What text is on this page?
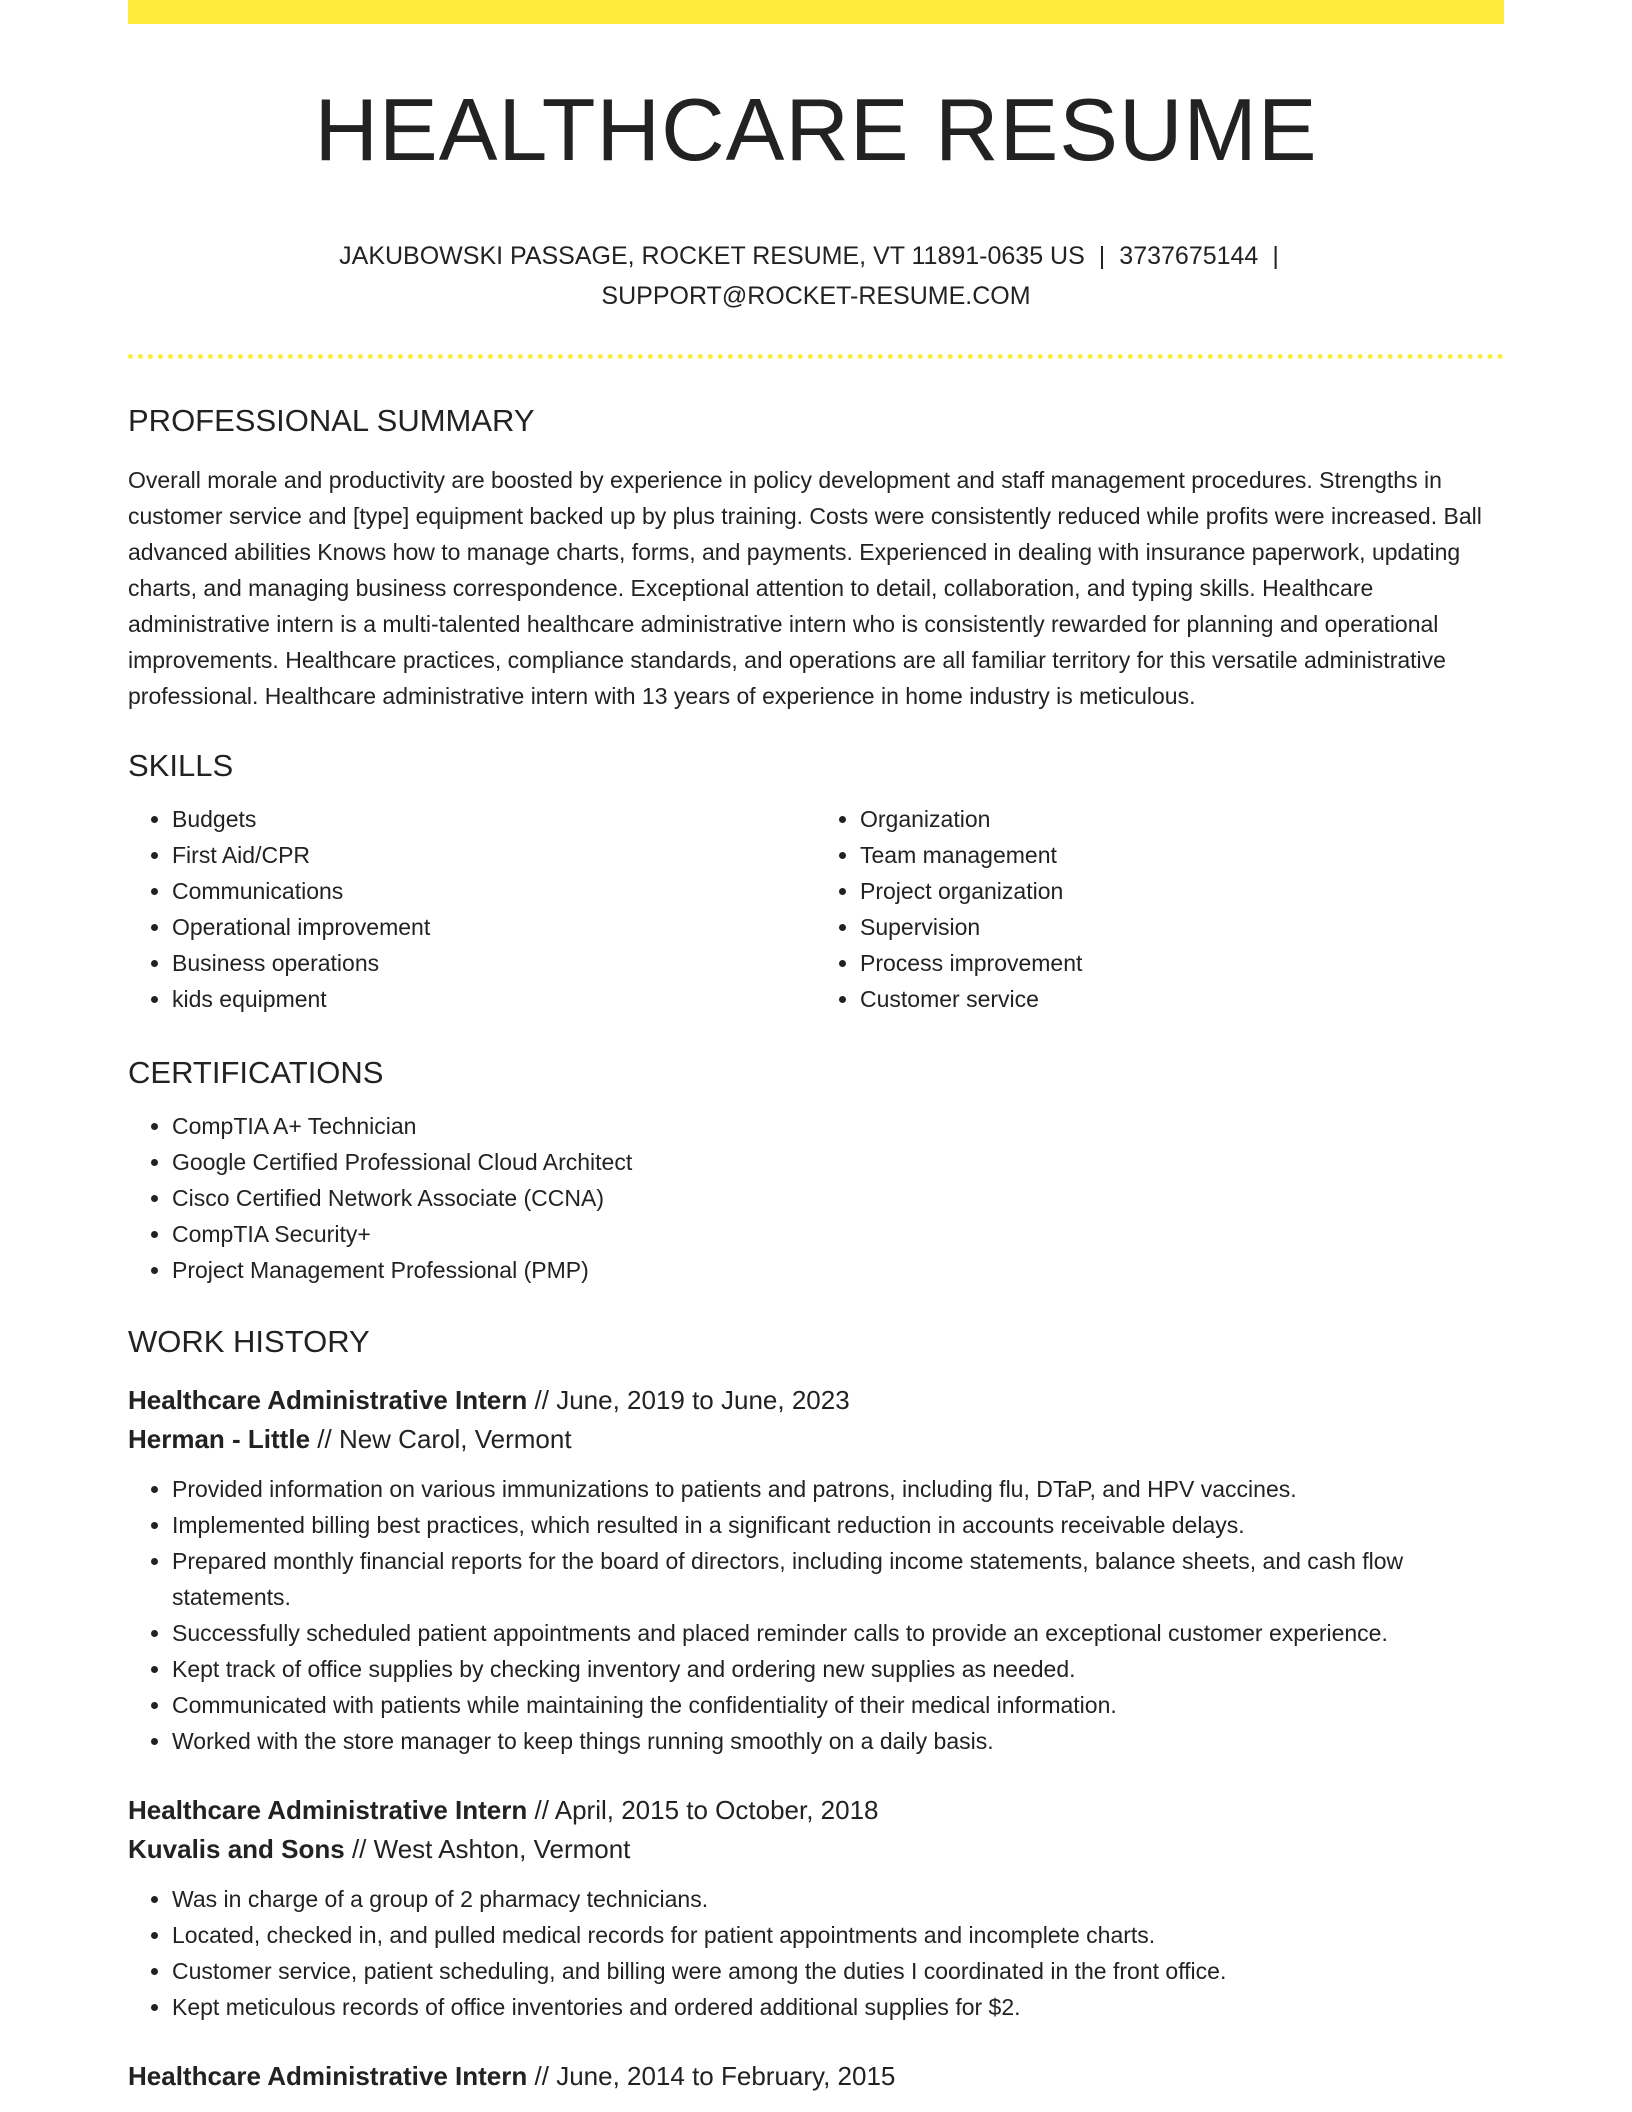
HEALTHCARE RESUME
JAKUBOWSKI PASSAGE, ROCKET RESUME, VT 11891-0635 US | 3737675144 |
SUPPORT@ROCKET-RESUME.COM
PROFESSIONAL SUMMARY
Overall morale and productivity are boosted by experience in policy development and staff management procedures. Strengths in customer service and [type] equipment backed up by plus training. Costs were consistently reduced while profits were increased. Ball advanced abilities Knows how to manage charts, forms, and payments. Experienced in dealing with insurance paperwork, updating charts, and managing business correspondence. Exceptional attention to detail, collaboration, and typing skills. Healthcare administrative intern is a multi-talented healthcare administrative intern who is consistently rewarded for planning and operational improvements. Healthcare practices, compliance standards, and operations are all familiar territory for this versatile administrative professional. Healthcare administrative intern with 13 years of experience in home industry is meticulous.
SKILLS
• Budgets
• First Aid/CPR
• Communications
• Operational improvement
• Business operations
• kids equipment
• Organization
• Team management
• Project organization
• Supervision
• Process improvement
• Customer service
CERTIFICATIONS
• CompTIA A+ Technician
• Google Certified Professional Cloud Architect
• Cisco Certified Network Associate (CCNA)
• CompTIA Security+
• Project Management Professional (PMP)
WORK HISTORY
Healthcare Administrative Intern // June, 2019 to June, 2023
Herman - Little // New Carol, Vermont
• Provided information on various immunizations to patients and patrons, including flu, DTaP, and HPV vaccines.
• Implemented billing best practices, which resulted in a significant reduction in accounts receivable delays.
• Prepared monthly financial reports for the board of directors, including income statements, balance sheets, and cash flow statements.
• Successfully scheduled patient appointments and placed reminder calls to provide an exceptional customer experience.
• Kept track of office supplies by checking inventory and ordering new supplies as needed.
• Communicated with patients while maintaining the confidentiality of their medical information.
• Worked with the store manager to keep things running smoothly on a daily basis.
Healthcare Administrative Intern // April, 2015 to October, 2018
Kuvalis and Sons // West Ashton, Vermont
• Was in charge of a group of 2 pharmacy technicians.
• Located, checked in, and pulled medical records for patient appointments and incomplete charts.
• Customer service, patient scheduling, and billing were among the duties I coordinated in the front office.
• Kept meticulous records of office inventories and ordered additional supplies for $2.
Healthcare Administrative Intern // June, 2014 to February, 2015
